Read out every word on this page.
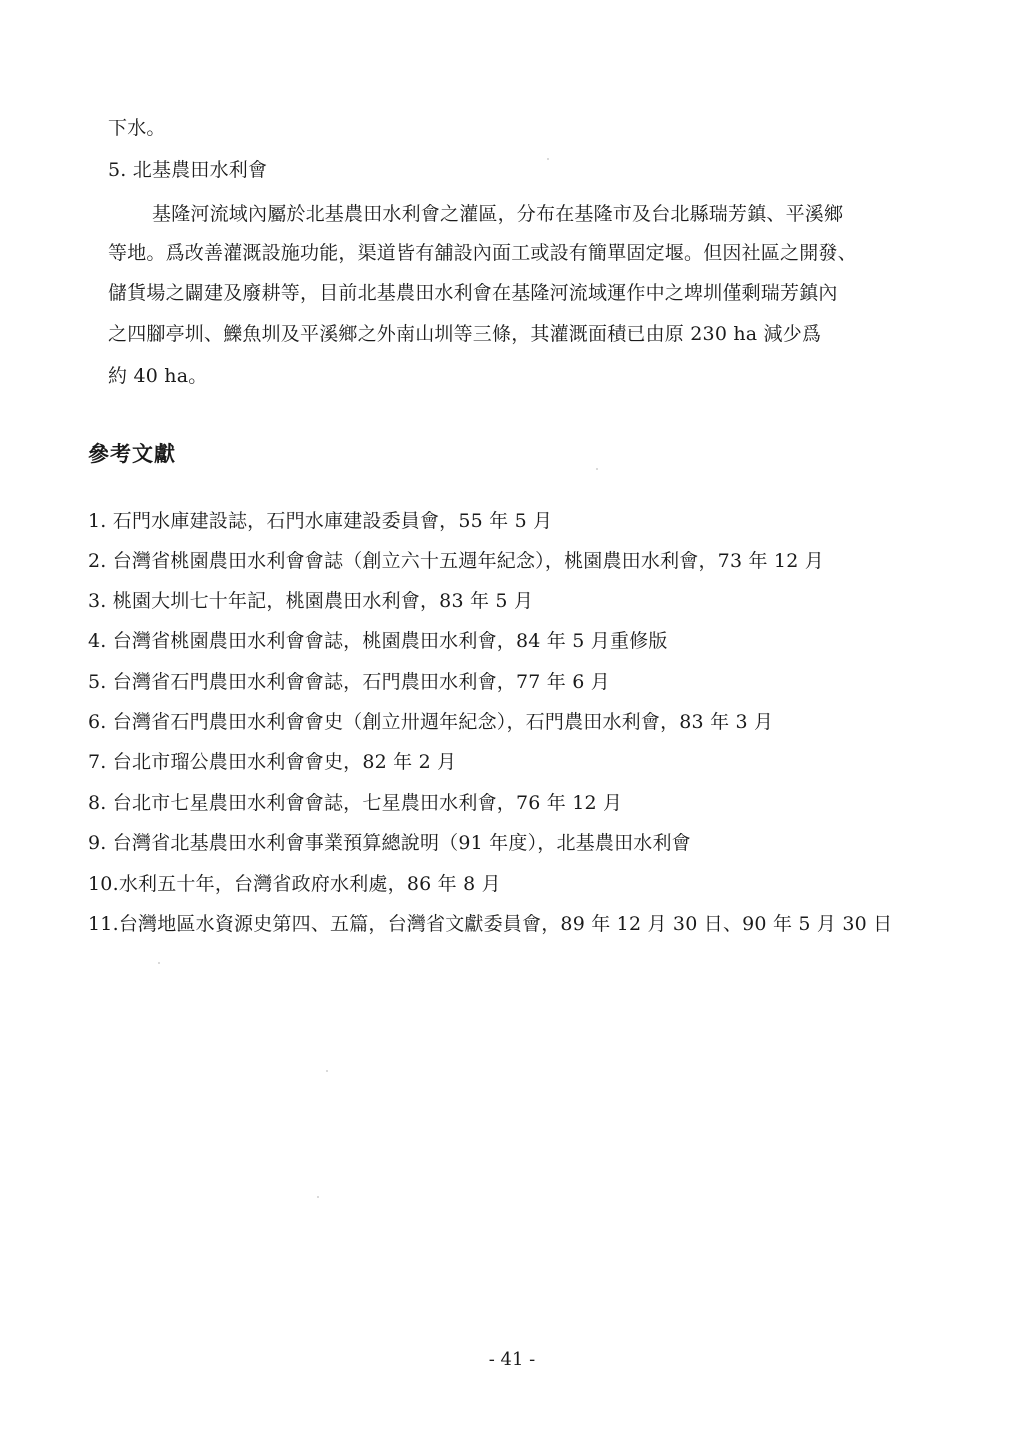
下水。
5. 北基農田水利會
基隆河流域內屬於北基農田水利會之灌區，分布在基隆市及台北縣瑞芳鎮、平溪鄉
等地。爲改善灌溉設施功能，渠道皆有舖設內面工或設有簡單固定堰。但因社區之開發、
儲貨場之闢建及廢耕等，目前北基農田水利會在基隆河流域運作中之埤圳僅剩瑞芳鎮內
之四腳亭圳、鱳魚圳及平溪鄉之外南山圳等三條，其灌溉面積已由原 230 ha 減少爲
約 40 ha。
參考文獻
1. 石門水庫建設誌，石門水庫建設委員會，55 年 5 月
2. 台灣省桃園農田水利會會誌（創立六十五週年紀念），桃園農田水利會，73 年 12 月
3. 桃園大圳七十年記，桃園農田水利會，83 年 5 月
4. 台灣省桃園農田水利會會誌，桃園農田水利會，84 年 5 月重修版
5. 台灣省石門農田水利會會誌，石門農田水利會，77 年 6 月
6. 台灣省石門農田水利會會史（創立卅週年紀念），石門農田水利會，83 年 3 月
7. 台北市瑠公農田水利會會史，82 年 2 月
8. 台北市七星農田水利會會誌，七星農田水利會，76 年 12 月
9. 台灣省北基農田水利會事業預算總說明（91 年度），北基農田水利會
10.水利五十年，台灣省政府水利處，86 年 8 月
11.台灣地區水資源史第四、五篇，台灣省文獻委員會，89 年 12 月 30 日、90 年 5 月 30 日
- 41 -
